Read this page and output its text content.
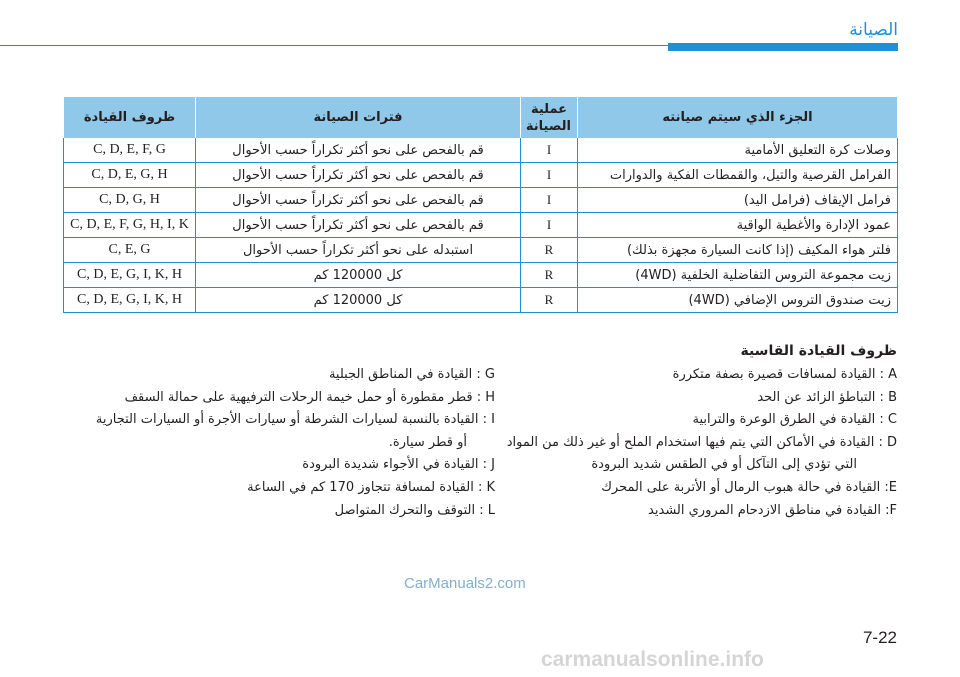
الصيانة
الجزء الذي سيتم صيانته	عملية الصيانة	فترات الصيانة	ظروف القيادة
وصلات كرة التعليق الأمامية	I	قم بالفحص على نحو أكثر تكراراً حسب الأحوال	C, D, E, F, G
الفرامل القرصية والتيل، والقمطات الفكية والدوارات	I	قم بالفحص على نحو أكثر تكراراً حسب الأحوال	C, D, E, G, H
فرامل الإيقاف (فرامل اليد)	I	قم بالفحص على نحو أكثر تكراراً حسب الأحوال	C, D, G, H
عمود الإدارة والأغطية الواقية	I	قم بالفحص على نحو أكثر تكراراً حسب الأحوال	C, D, E, F, G, H, I, K
فلتر هواء المكيف (إذا كانت السيارة مجهزة بذلك)	R	استبدله على نحو أكثر تكراراً حسب الأحوال	C, E, G
زيت مجموعة التروس التفاضلية الخلفية (4WD)	R	كل 120000 كم	C, D, E, G, I, K, H
زيت صندوق التروس الإضافي (4WD)	R	كل 120000 كم	C, D, E, G, I, K, H
ظروف القيادة القاسية
A : القيادة لمسافات قصيرة بصفة متكررة
B : التباطؤ الزائد عن الحد
C : القيادة في الطرق الوعرة والترابية
D : القيادة في الأماكن التي يتم فيها استخدام الملح أو غير ذلك من المواد
التي تؤدي إلى التآكل أو في الطقس شديد البرودة
E: القيادة في حالة هبوب الرمال أو الأتربة على المحرك
F: القيادة في مناطق الازدحام المروري الشديد
G : القيادة في المناطق الجبلية
H : قطر مقطورة أو حمل خيمة الرحلات الترفيهية على حمالة السقف
I : القيادة بالنسبة لسيارات الشرطة أو سيارات الأجرة أو السيارات التجارية
أو قطر سيارة.
J : القيادة في الأجواء شديدة البرودة
K : القيادة لمسافة تتجاوز 170 كم في الساعة
L : التوقف والتحرك المتواصل
CarManuals2.com
7-22
carmanualsonline.info
